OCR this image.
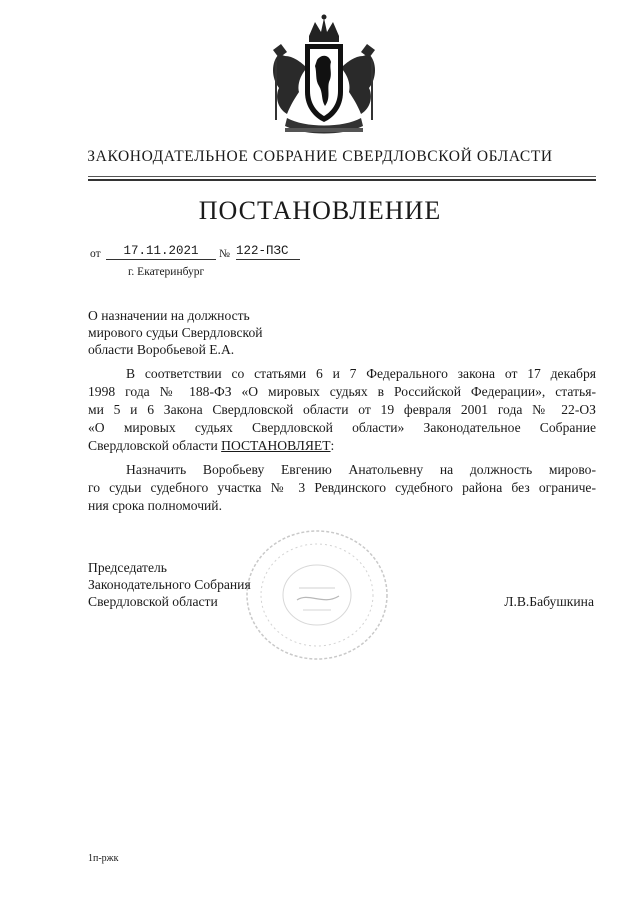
ЗАКОНОДАТЕЛЬНОЕ СОБРАНИЕ СВЕРДЛОВСКОЙ ОБЛАСТИ
ПОСТАНОВЛЕНИЕ
от	17.11.2021	№ 122-ПЗС
г. Екатеринбург
О назначении на должность
мирового судьи Свердловской
области Воробьевой Е.А.
В соответствии со статьями 6 и 7 Федерального закона от 17 декабря
1998 года № 188-ФЗ «О мировых судьях в Российской Федерации», статья-
ми 5 и 6 Закона Свердловской области от 19 февраля 2001 года № 22-ОЗ
«О мировых судьях Свердловской области» Законодательное Собрание
Свердловской области ПОСТАНОВЛЯЕТ:
Назначить Воробьеву Евгению Анатольевну на должность мирово-
го судьи судебного участка № 3 Ревдинского судебного района без ограниче-
ния срока полномочий.
Председатель
Законодательного Собрания
Свердловской области	Л.В.Бабушкина
1п-ржк
